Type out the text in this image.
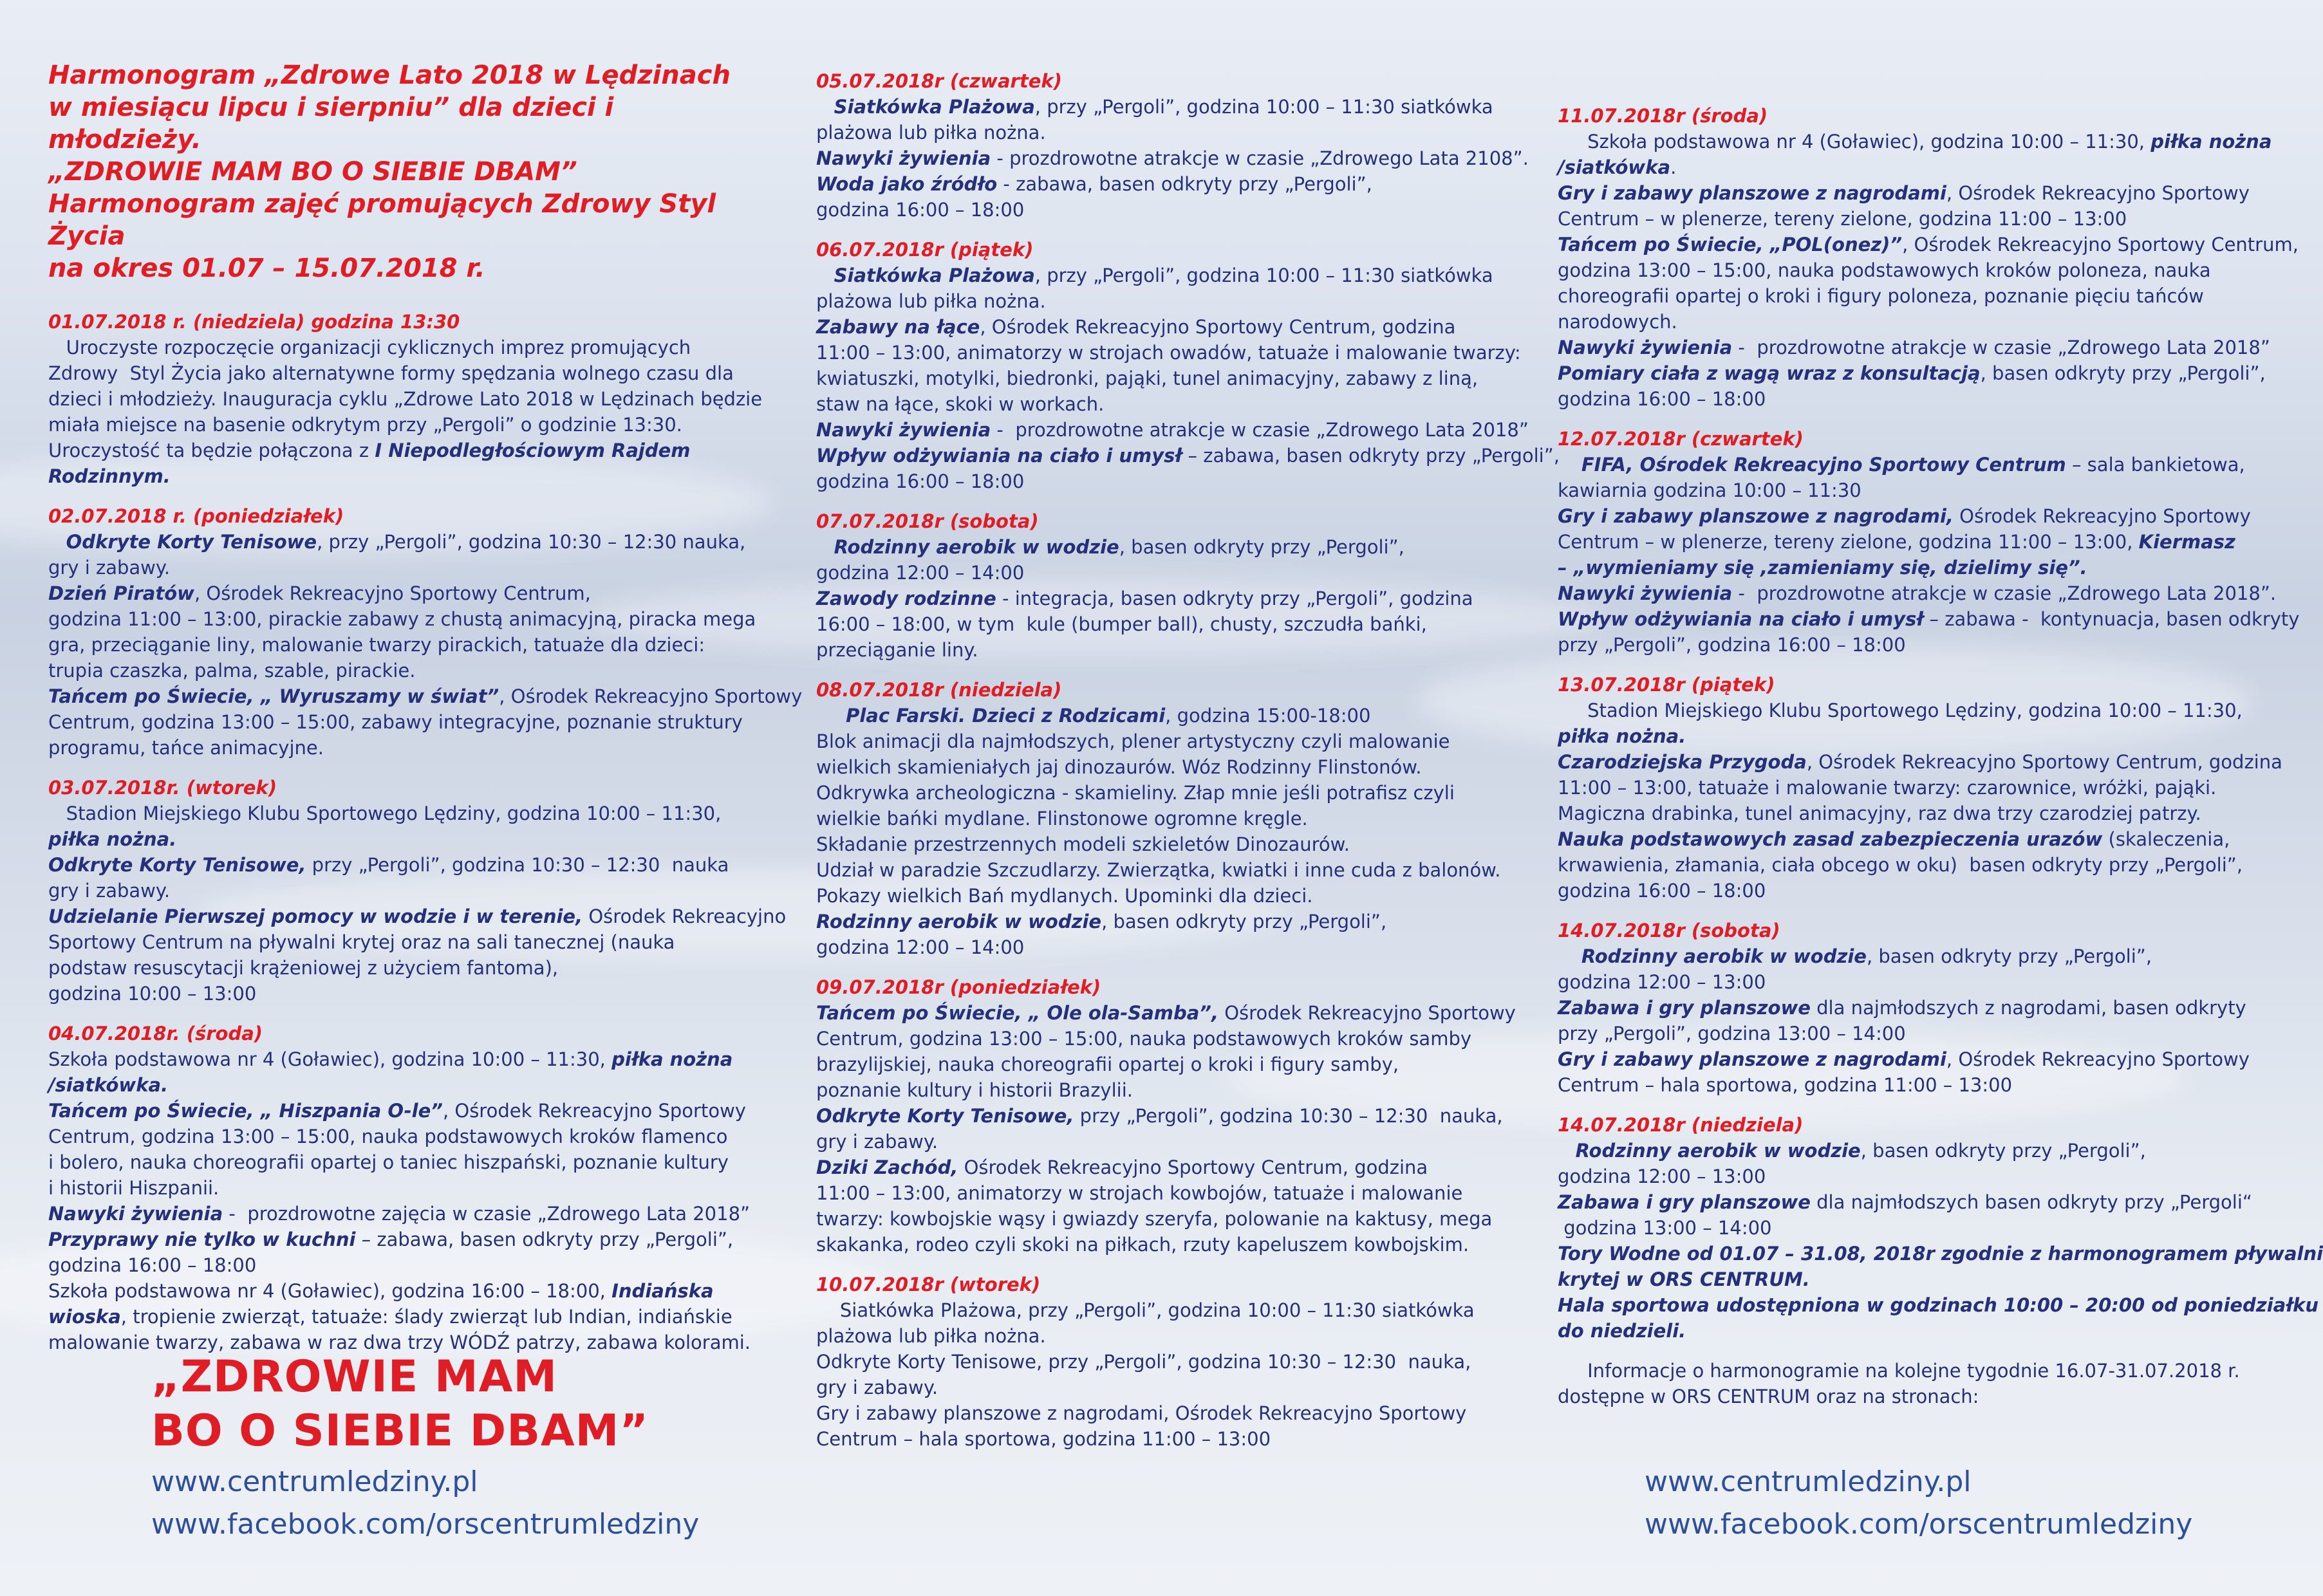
Harmonogram „Zdrowe Lato 2018 w Lędzinach
w miesiącu lipcu i sierpniu” dla dzieci i młodzieży.
„ZDROWIE MAM BO O SIEBIE DBAM”
Harmonogram zajęć promujących Zdrowy Styl Życia
na okres 01.07 – 15.07.2018 r.
01.07.2018 r. (niedziela) godzina 13:30
Uroczyste rozpoczęcie organizacji cyklicznych imprez promujących
Zdrowy  Styl Życia jako alternatywne formy spędzania wolnego czasu dla
dzieci i młodzieży. Inauguracja cyklu „Zdrowe Lato 2018 w Lędzinach będzie
miała miejsce na basenie odkrytym przy „Pergoli” o godzinie 13:30.
Uroczystość ta będzie połączona z I Niepodległościowym Rajdem
Rodzinnym.
02.07.2018 r. (poniedziałek)
Odkryte Korty Tenisowe, przy „Pergoli”, godzina 10:30 – 12:30 nauka,
gry i zabawy.
Dzień Piratów, Ośrodek Rekreacyjno Sportowy Centrum,
godzina 11:00 – 13:00, pirackie zabawy z chustą animacyjną, piracka mega
gra, przeciąganie liny, malowanie twarzy pirackich, tatuaże dla dzieci:
trupia czaszka, palma, szable, pirackie.
Tańcem po Świecie, „ Wyruszamy w świat”, Ośrodek Rekreacyjno Sportowy
Centrum, godzina 13:00 – 15:00, zabawy integracyjne, poznanie struktury
programu, tańce animacyjne.
03.07.2018r. (wtorek)
Stadion Miejskiego Klubu Sportowego Lędziny, godzina 10:00 – 11:30,
piłka nożna.
Odkryte Korty Tenisowe, przy „Pergoli”, godzina 10:30 – 12:30  nauka
gry i zabawy.
Udzielanie Pierwszej pomocy w wodzie i w terenie, Ośrodek Rekreacyjno
Sportowy Centrum na pływalni krytej oraz na sali tanecznej (nauka
podstaw resuscytacji krążeniowej z użyciem fantoma),
godzina 10:00 – 13:00
04.07.2018r. (środa)
Szkoła podstawowa nr 4 (Goławiec), godzina 10:00 – 11:30, piłka nożna
/siatkówka.
Tańcem po Świecie, „ Hiszpania O-le”, Ośrodek Rekreacyjno Sportowy
Centrum, godzina 13:00 – 15:00, nauka podstawowych kroków flamenco
i bolero, nauka choreografii opartej o taniec hiszpański, poznanie kultury
i historii Hiszpanii.
Nawyki żywienia -  prozdrowotne zajęcia w czasie „Zdrowego Lata 2018”
Przyprawy nie tylko w kuchni – zabawa, basen odkryty przy „Pergoli”,
godzina 16:00 – 18:00
Szkoła podstawowa nr 4 (Goławiec), godzina 16:00 – 18:00, Indiańska
wioska, tropienie zwierząt, tatuaże: ślady zwierząt lub Indian, indiańskie
malowanie twarzy, zabawa w raz dwa trzy WÓDŹ patrzy, zabawa kolorami.
05.07.2018r (czwartek)
Siatkówka Plażowa, przy „Pergoli”, godzina 10:00 – 11:30 siatkówka
plażowa lub piłka nożna.
Nawyki żywienia - prozdrowotne atrakcje w czasie „Zdrowego Lata 2108”.
Woda jako źródło - zabawa, basen odkryty przy „Pergoli”,
godzina 16:00 – 18:00
06.07.2018r (piątek)
Siatkówka Plażowa, przy „Pergoli”, godzina 10:00 – 11:30 siatkówka
plażowa lub piłka nożna.
Zabawy na łące, Ośrodek Rekreacyjno Sportowy Centrum, godzina
11:00 – 13:00, animatorzy w strojach owadów, tatuaże i malowanie twarzy:
kwiatuszki, motylki, biedronki, pająki, tunel animacyjny, zabawy z liną,
staw na łące, skoki w workach.
Nawyki żywienia -  prozdrowotne atrakcje w czasie „Zdrowego Lata 2018”
Wpływ odżywiania na ciało i umysł – zabawa, basen odkryty przy „Pergoli”,
godzina 16:00 – 18:00
07.07.2018r (sobota)
Rodzinny aerobik w wodzie, basen odkryty przy „Pergoli”,
godzina 12:00 – 14:00
Zawody rodzinne - integracja, basen odkryty przy „Pergoli”, godzina
16:00 – 18:00, w tym  kule (bumper ball), chusty, szczudła bańki,
przeciąganie liny.
08.07.2018r (niedziela)
Plac Farski. Dzieci z Rodzicami, godzina 15:00-18:00
Blok animacji dla najmłodszych, plener artystyczny czyli malowanie
wielkich skamieniałych jaj dinozaurów. Wóz Rodzinny Flinstonów.
Odkrywka archeologiczna - skamieliny. Złap mnie jeśli potrafisz czyli
wielkie bańki mydlane. Flinstonowe ogromne kręgle.
Składanie przestrzennych modeli szkieletów Dinozaurów.
Udział w paradzie Szczudlarzy. Zwierzątka, kwiatki i inne cuda z balonów.
Pokazy wielkich Bań mydlanych. Upominki dla dzieci.
Rodzinny aerobik w wodzie, basen odkryty przy „Pergoli”,
godzina 12:00 – 14:00
09.07.2018r (poniedziałek)
Tańcem po Świecie, „ Ole ola-Samba”, Ośrodek Rekreacyjno Sportowy
Centrum, godzina 13:00 – 15:00, nauka podstawowych kroków samby
brazylijskiej, nauka choreografii opartej o kroki i figury samby,
poznanie kultury i historii Brazylii.
Odkryte Korty Tenisowe, przy „Pergoli”, godzina 10:30 – 12:30  nauka,
gry i zabawy.
Dziki Zachód, Ośrodek Rekreacyjno Sportowy Centrum, godzina
11:00 – 13:00, animatorzy w strojach kowbojów, tatuaże i malowanie
twarzy: kowbojskie wąsy i gwiazdy szeryfa, polowanie na kaktusy, mega
skakanka, rodeo czyli skoki na piłkach, rzuty kapeluszem kowbojskim.
10.07.2018r (wtorek)
Siatkówka Plażowa, przy „Pergoli”, godzina 10:00 – 11:30 siatkówka
plażowa lub piłka nożna.
Odkryte Korty Tenisowe, przy „Pergoli”, godzina 10:30 – 12:30  nauka,
gry i zabawy.
Gry i zabawy planszowe z nagrodami, Ośrodek Rekreacyjno Sportowy
Centrum – hala sportowa, godzina 11:00 – 13:00
11.07.2018r (środa)
Szkoła podstawowa nr 4 (Goławiec), godzina 10:00 – 11:30, piłka nożna
/siatkówka.
Gry i zabawy planszowe z nagrodami, Ośrodek Rekreacyjno Sportowy
Centrum – w plenerze, tereny zielone, godzina 11:00 – 13:00
Tańcem po Świecie, „POL(onez)”, Ośrodek Rekreacyjno Sportowy Centrum,
godzina 13:00 – 15:00, nauka podstawowych kroków poloneza, nauka
choreografii opartej o kroki i figury poloneza, poznanie pięciu tańców
narodowych.
Nawyki żywienia -  prozdrowotne atrakcje w czasie „Zdrowego Lata 2018”
Pomiary ciała z wagą wraz z konsultacją, basen odkryty przy „Pergoli”,
godzina 16:00 – 18:00
12.07.2018r (czwartek)
FIFA, Ośrodek Rekreacyjno Sportowy Centrum – sala bankietowa,
kawiarnia godzina 10:00 – 11:30
Gry i zabawy planszowe z nagrodami, Ośrodek Rekreacyjno Sportowy
Centrum – w plenerze, tereny zielone, godzina 11:00 – 13:00, Kiermasz
– „wymieniamy się ,zamieniamy się, dzielimy się”.
Nawyki żywienia -  prozdrowotne atrakcje w czasie „Zdrowego Lata 2018”.
Wpływ odżywiania na ciało i umysł – zabawa -  kontynuacja, basen odkryty
przy „Pergoli”, godzina 16:00 – 18:00
13.07.2018r (piątek)
Stadion Miejskiego Klubu Sportowego Lędziny, godzina 10:00 – 11:30,
piłka nożna.
Czarodziejska Przygoda, Ośrodek Rekreacyjno Sportowy Centrum, godzina
11:00 – 13:00, tatuaże i malowanie twarzy: czarownice, wróżki, pająki.
Magiczna drabinka, tunel animacyjny, raz dwa trzy czarodziej patrzy.
Nauka podstawowych zasad zabezpieczenia urazów (skaleczenia,
krwawienia, złamania, ciała obcego w oku)  basen odkryty przy „Pergoli”,
godzina 16:00 – 18:00
14.07.2018r (sobota)
Rodzinny aerobik w wodzie, basen odkryty przy „Pergoli”,
godzina 12:00 – 13:00
Zabawa i gry planszowe dla najmłodszych z nagrodami, basen odkryty
przy „Pergoli”, godzina 13:00 – 14:00
Gry i zabawy planszowe z nagrodami, Ośrodek Rekreacyjno Sportowy
Centrum – hala sportowa, godzina 11:00 – 13:00
14.07.2018r (niedziela)
Rodzinny aerobik w wodzie, basen odkryty przy „Pergoli”,
godzina 12:00 – 13:00
Zabawa i gry planszowe dla najmłodszych basen odkryty przy „Pergoli“
godzina 13:00 – 14:00
Tory Wodne od 01.07 – 31.08, 2018r zgodnie z harmonogramem pływalni
krytej w ORS CENTRUM.
Hala sportowa udostępniona w godzinach 10:00 – 20:00 od poniedziałku
do niedzieli.
Informacje o harmonogramie na kolejne tygodnie 16.07-31.07.2018 r.
dostępne w ORS CENTRUM oraz na stronach:
„ZDROWIE MAM
BO O SIEBIE DBAM”
www.centrumledziny.pl
www.facebook.com/orscentrumledziny
www.centrumledziny.pl
www.facebook.com/orscentrumledziny
